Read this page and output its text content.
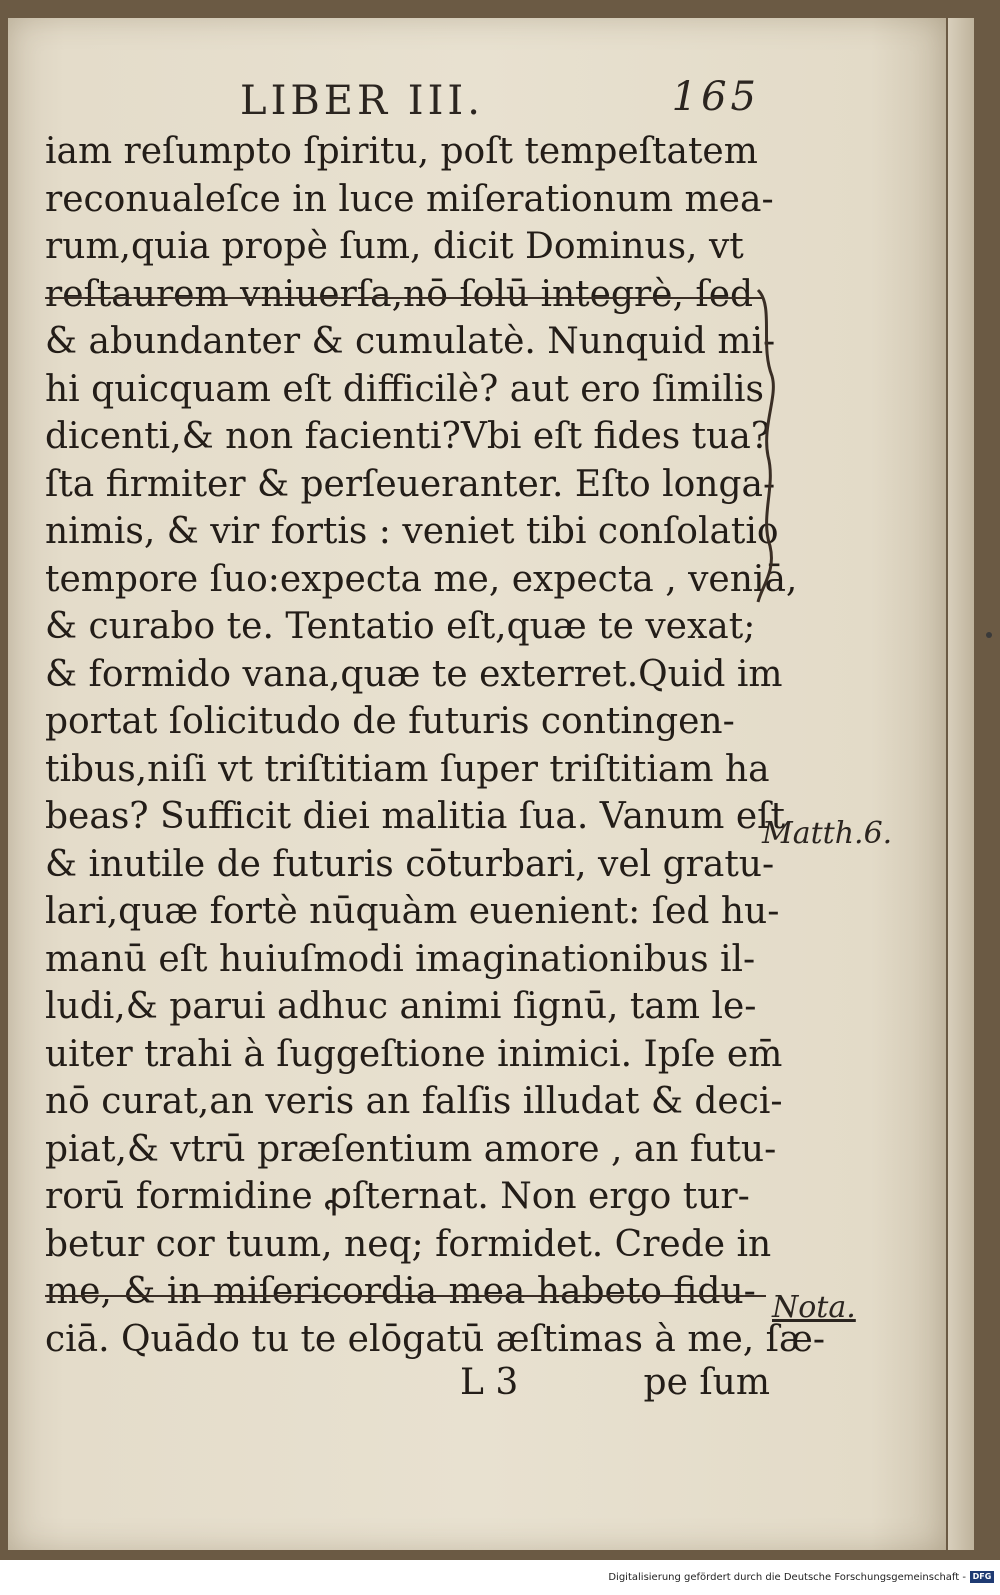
LIBER III.	165
iam reſumpto ſpiritu, poſt tempeſtatem
reconualeſce in luce miſerationum mea-
rum,quia propè ſum, dicit Dominus, vt
reſtaurem vniuerſa,nō ſolū integrè, ſed
& abundanter & cumulatè. Nunquid mi-
hi quicquam eſt difficilè? aut ero ſimilis
dicenti,& non facienti?Vbi eſt fides tua?
ſta firmiter & perſeueranter. Eſto longa-
nimis, & vir fortis : veniet tibi conſolatio
tempore ſuo:expecta me, expecta , veniā,
& curabo te. Tentatio eſt,quæ te vexat;
& formido vana,quæ te exterret.Quid im
portat ſolicitudo de futuris contingen-
tibus,niſi vt triſtitiam ſuper triſtitiam ha
beas? Sufficit diei malitia ſua. Vanum eſt
& inutile de futuris cōturbari, vel gratu-
lari,quæ fortè nūquàm euenient: ſed hu-
manū eſt huiuſmodi imaginationibus il-
ludi,& parui adhuc animi ſignū, tam le-
uiter trahi à ſuggeſtione inimici. Ipſe em̄
nō curat,an veris an falſis illudat & deci-
piat,& vtrū præſentium amore , an futu-
rorū formidine ꝓſternat. Non ergo tur-
betur cor tuum, neq; formidet. Crede in
me, & in miſericordia mea habeto fidu-
ciā. Quādo tu te elōgatū æſtimas à me, ſæ-
L 3	pe ſum
Matth.6.
Nota.
Digitalisierung gefördert durch die Deutsche Forschungsgemeinschaft - DFG
